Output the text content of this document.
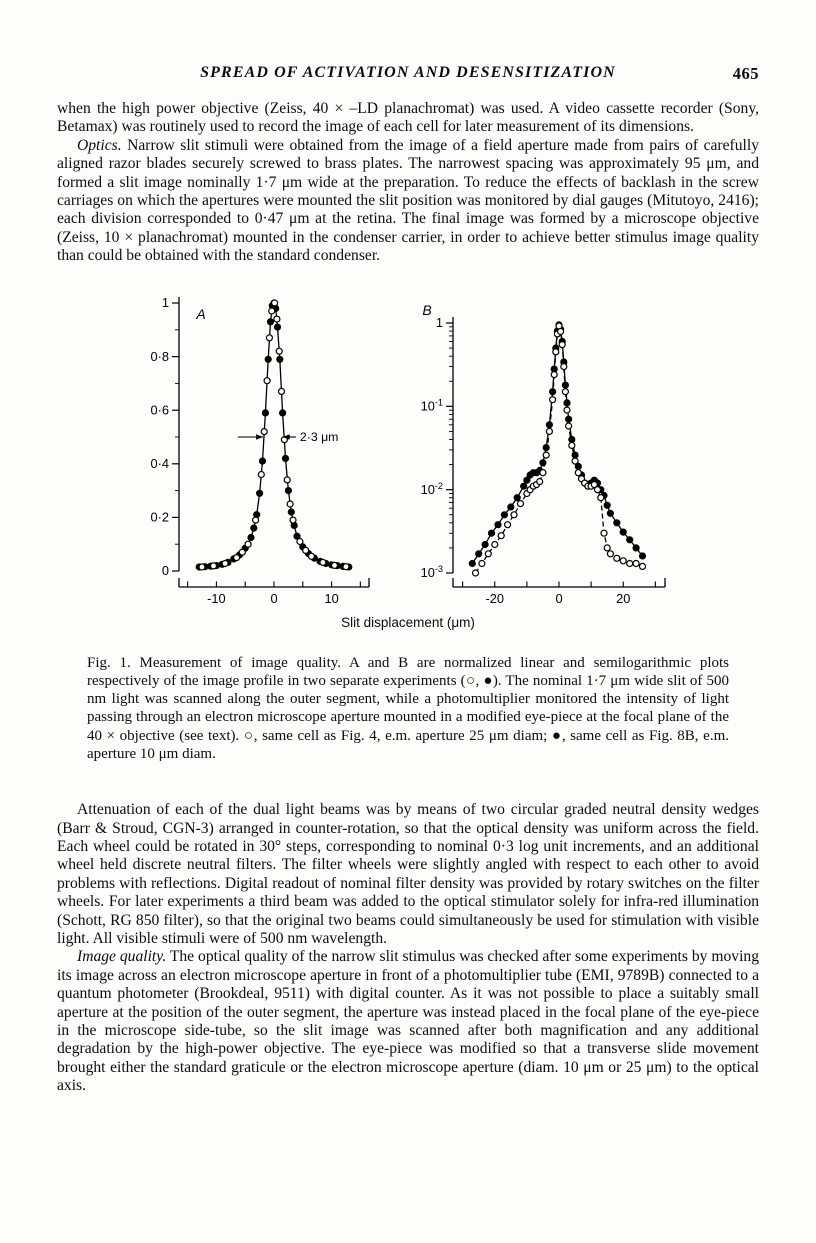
SPREAD OF ACTIVATION AND DESENSITIZATION	465

when the high power objective (Zeiss, 40 × –LD planachromat) was used. A video cassette recorder (Sony, Betamax) was routinely used to record the image of each cell for later measurement of its dimensions.

Optics. Narrow slit stimuli were obtained from the image of a field aperture made from pairs of carefully aligned razor blades securely screwed to brass plates. The narrowest spacing was approximately 95 μm, and formed a slit image nominally 1·7 μm wide at the preparation. To reduce the effects of backlash in the screw carriages on which the apertures were mounted the slit position was monitored by dial gauges (Mitutoyo, 2416); each division corresponded to 0·47 μm at the retina. The final image was formed by a microscope objective (Zeiss, 10 × planachromat) mounted in the condenser carrier, in order to achieve better stimulus image quality than could be obtained with the standard condenser.

0
0·2
0·4
0·6
0·8
1
-10	0	10
A
2·3 μm
1
$10^{-1}$
$10^{-2}$
$10^{-3}$
-20	0	20
B
Slit displacement (μm)

Fig. 1. Measurement of image quality. A and B are normalized linear and semilogarithmic plots respectively of the image profile in two separate experiments (○, ●). The nominal 1·7 μm wide slit of 500 nm light was scanned along the outer segment, while a photomultiplier monitored the intensity of light passing through an electron microscope aperture mounted in a modified eye-piece at the focal plane of the 40 × objective (see text). ○, same cell as Fig. 4, e.m. aperture 25 μm diam; ●, same cell as Fig. 8B, e.m. aperture 10 μm diam.

Attenuation of each of the dual light beams was by means of two circular graded neutral density wedges (Barr & Stroud, CGN-3) arranged in counter-rotation, so that the optical density was uniform across the field. Each wheel could be rotated in 30° steps, corresponding to nominal 0·3 log unit increments, and an additional wheel held discrete neutral filters. The filter wheels were slightly angled with respect to each other to avoid problems with reflections. Digital readout of nominal filter density was provided by rotary switches on the filter wheels. For later experiments a third beam was added to the optical stimulator solely for infra-red illumination (Schott, RG 850 filter), so that the original two beams could simultaneously be used for stimulation with visible light. All visible stimuli were of 500 nm wavelength.

Image quality. The optical quality of the narrow slit stimulus was checked after some experiments by moving its image across an electron microscope aperture in front of a photomultiplier tube (EMI, 9789B) connected to a quantum photometer (Brookdeal, 9511) with digital counter. As it was not possible to place a suitably small aperture at the position of the outer segment, the aperture was instead placed in the focal plane of the eye-piece in the microscope side-tube, so the slit image was scanned after both magnification and any additional degradation by the high-power objective. The eye-piece was modified so that a transverse slide movement brought either the standard graticule or the electron microscope aperture (diam. 10 μm or 25 μm) to the optical axis.
